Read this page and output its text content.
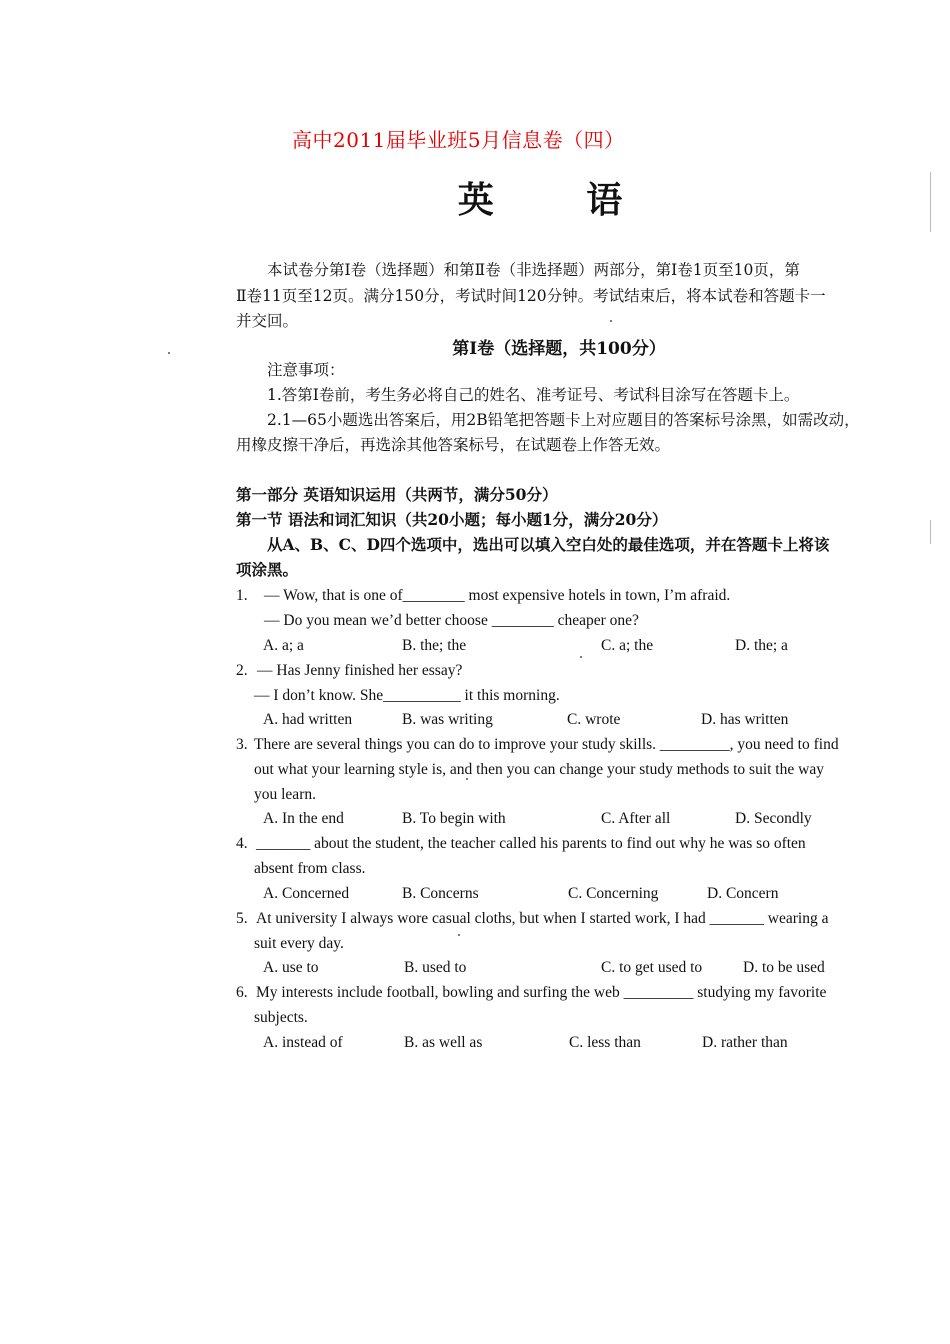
高中2011届毕业班5月信息卷（四）
英 语
本试卷分第Ⅰ卷（选择题）和第Ⅱ卷（非选择题）两部分，第Ⅰ卷1页至10页，第
Ⅱ卷11页至12页。满分150分，考试时间120分钟。考试结束后，将本试卷和答题卡一
并交回。
第Ⅰ卷（选择题，共100分）
注意事项：
1.答第Ⅰ卷前，考生务必将自己的姓名、准考证号、考试科目涂写在答题卡上。
2.1—65小题选出答案后，用2B铅笔把答题卡上对应题目的答案标号涂黑，如需改动，
用橡皮擦干净后，再选涂其他答案标号，在试题卷上作答无效。
第一部分 英语知识运用（共两节，满分50分）
第一节 语法和词汇知识（共20小题；每小题1分，满分20分）
从A、B、C、D四个选项中，选出可以填入空白处的最佳选项，并在答题卡上将该
项涂黑。
1. — Wow, that is one of________ most expensive hotels in town, I’m afraid.
— Do you mean we’d better choose ________ cheaper one?
A. a; a	B. the; the	C. a; the	D. the; a
2. — Has Jenny finished her essay?
— I don’t know. She__________ it this morning.
A. had written	B. was writing	C. wrote	D. has written
3. There are several things you can do to improve your study skills. _________, you need to find
out what your learning style is, and then you can change your study methods to suit the way
you learn.
A. In the end	B. To begin with	C. After all	D. Secondly
4. _______ about the student, the teacher called his parents to find out why he was so often
absent from class.
A. Concerned	B. Concerns	C. Concerning	D. Concern
5. At university I always wore casual cloths, but when I started work, I had _______ wearing a
suit every day.
A. use to	B. used to	C. to get used to	D. to be used
6. My interests include football, bowling and surfing the web _________ studying my favorite
subjects.
A. instead of	B. as well as	C. less than	D. rather than
